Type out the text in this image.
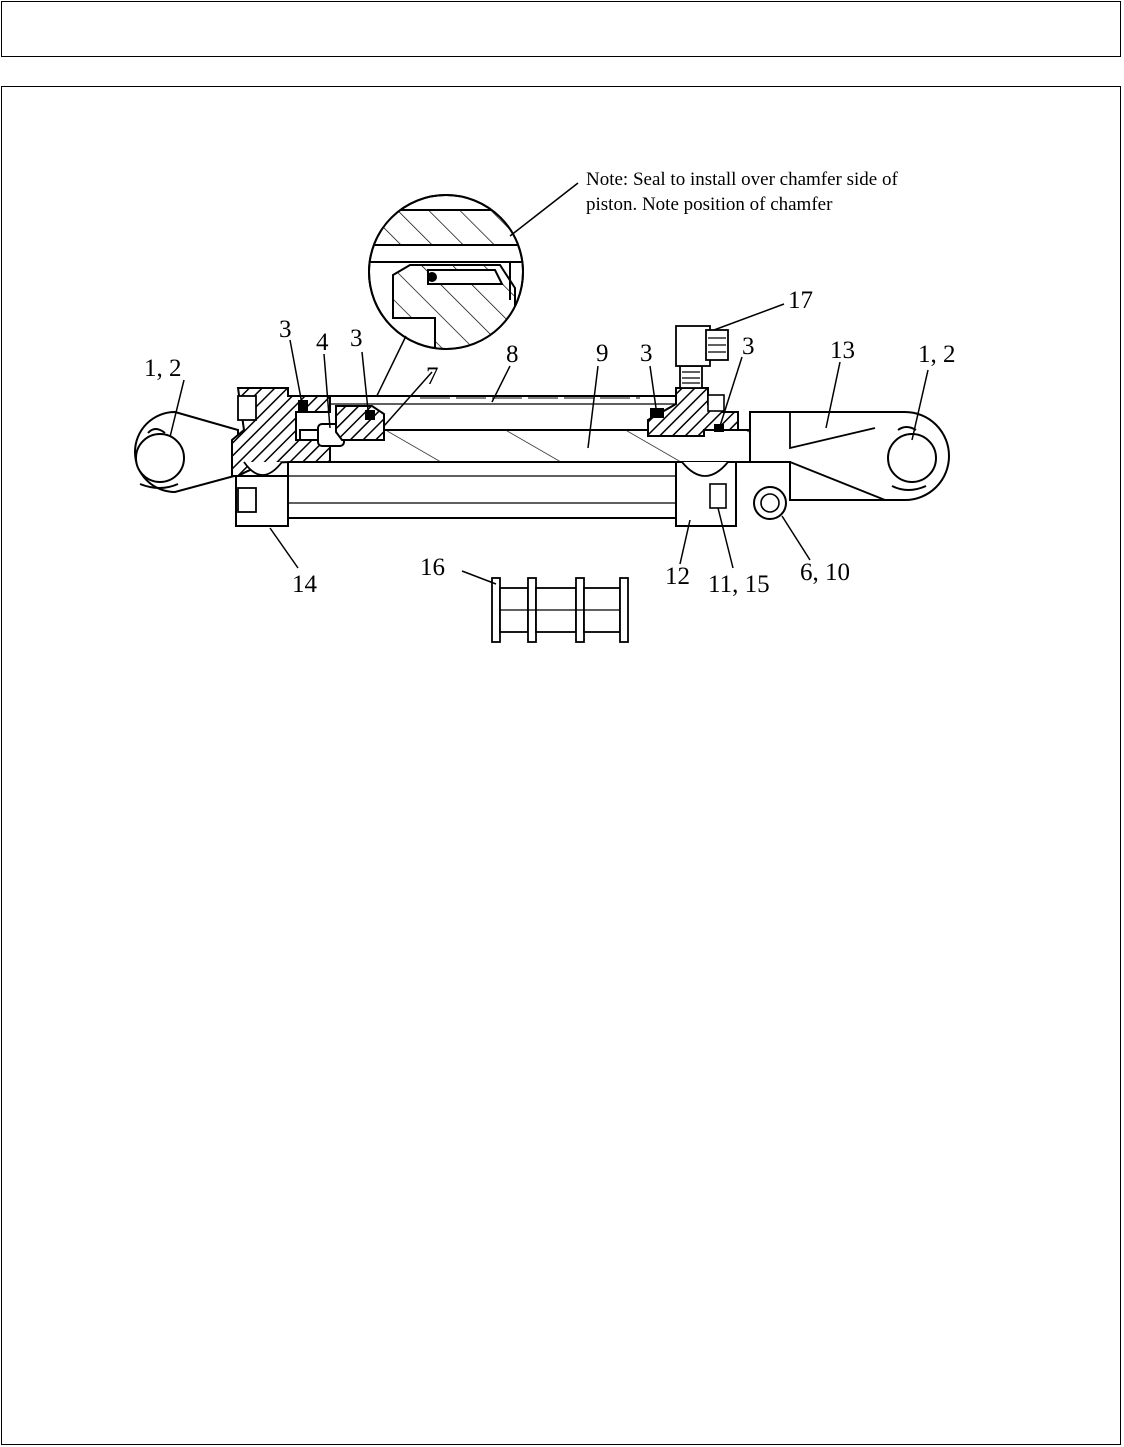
1, 2
1, 2
3 4 3
7
8	9 3	3	13
17
14
16	12 11, 15 6, 10
Note: Seal to install over chamfer side of
piston. Note position of chamfer
